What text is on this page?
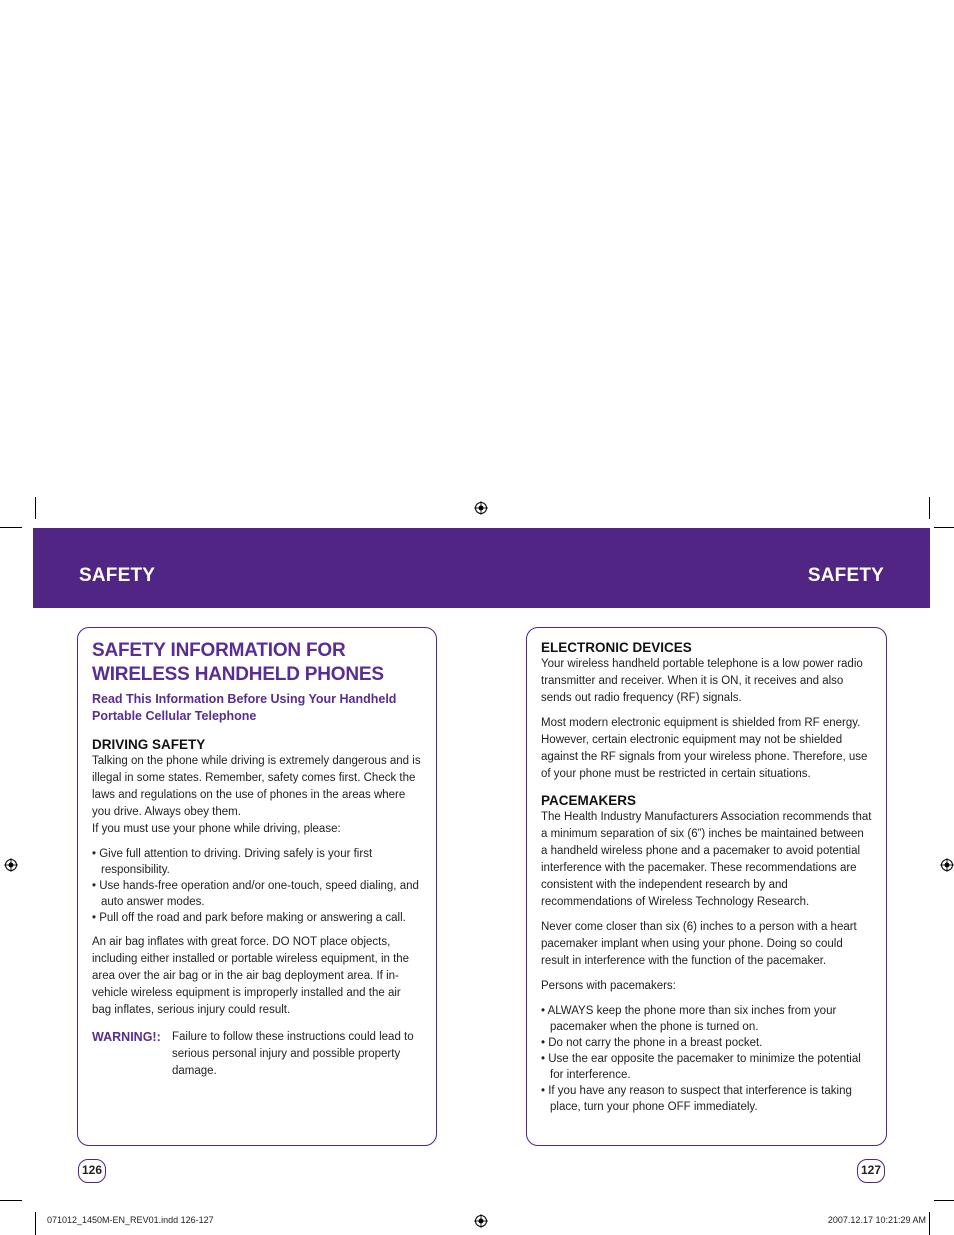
SAFETY	SAFETY
SAFETY INFORMATION FOR WIRELESS HANDHELD PHONES
Read This Information Before Using Your Handheld Portable Cellular Telephone
DRIVING SAFETY

Talking on the phone while driving is extremely dangerous and is illegal in some states. Remember, safety comes first. Check the laws and regulations on the use of phones in the areas where you drive. Always obey them.

If you must use your phone while driving, please:

• Give full attention to driving. Driving safely is your first responsibility.
• Use hands-free operation and/or one-touch, speed dialing, and auto answer modes.
• Pull off the road and park before making or answering a call.

An air bag inflates with great force. DO NOT place objects, including either installed or portable wireless equipment, in the area over the air bag or in the air bag deployment area. If in-vehicle wireless equipment is improperly installed and the air bag inflates, serious injury could result.

WARNING!: Failure to follow these instructions could lead to serious personal injury and possible property damage.
ELECTRONIC DEVICES

Your wireless handheld portable telephone is a low power radio transmitter and receiver. When it is ON, it receives and also sends out radio frequency (RF) signals.

Most modern electronic equipment is shielded from RF energy. However, certain electronic equipment may not be shielded against the RF signals from your wireless phone. Therefore, use of your phone must be restricted in certain situations.

PACEMAKERS

The Health Industry Manufacturers Association recommends that a minimum separation of six (6”) inches be maintained between a handheld wireless phone and a pacemaker to avoid potential interference with the pacemaker. These recommendations are consistent with the independent research by and recommendations of Wireless Technology Research.

Never come closer than six (6) inches to a person with a heart pacemaker implant when using your phone. Doing so could result in interference with the function of the pacemaker.

Persons with pacemakers:

• ALWAYS keep the phone more than six inches from your pacemaker when the phone is turned on.
• Do not carry the phone in a breast pocket.
• Use the ear opposite the pacemaker to minimize the potential for interference.
• If you have any reason to suspect that interference is taking place, turn your phone OFF immediately.
126	127
071012_1450M-EN_REV01.indd 126-127	2007.12.17 10:21:29 AM
